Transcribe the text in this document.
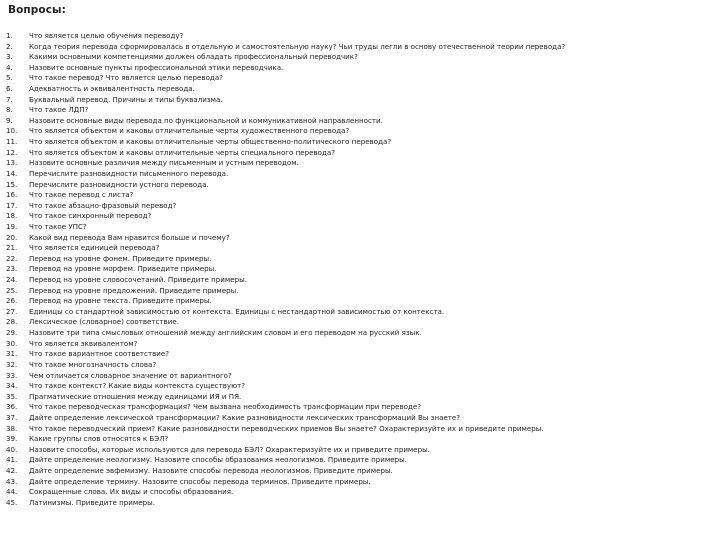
Вопросы:
1.	Что является целью обучения переводу?
2.	Когда теория перевода сформировалась в отдельную и самостоятельную науку? Чьи труды легли в основу отечественной теории перевода?
3.	Какими основными компетенциями должен обладать профессиональный переводчик?
4.	Назовите основные пункты профессиональной этики переводчика.
5.	Что такое перевод? Что является целью перевода?
6.	Адекватность и эквивалентность перевода.
7.	Буквальный перевод. Причины и типы буквализма.
8.	Что такое ЛДП?
9.	Назовите основные виды перевода по функциональной и коммуникативной направленности.
10.	Что является объектом и каковы отличительные черты художественного перевода?
11.	Что является объектом и каковы отличительные черты общественно-политического перевода?
12.	Что является объектом и каковы отличительные черты специального перевода?
13.	Назовите основные различия между письменным и устным переводом.
14.	Перечислите разновидности письменного перевода.
15.	Перечислите разновидности устного перевода.
16.	Что такое перевод с листа?
17.	Что такое абзацно-фразовый перевод?
18.	Что такое синхронный перевод?
19.	Что такое УПС?
20.	Какой вид перевода Вам нравится больше и почему?
21.	Что является единицей перевода?
22.	Перевод на уровне фонем. Приведите примеры.
23.	Перевод на уровне морфем. Приведите примеры.
24.	Перевод на уровне словосочетаний. Приведите примеры.
25.	Перевод на уровне предложений. Приведите примеры.
26.	Перевод на уровне текста. Приведите примеры.
27.	Единицы со стандартной зависимостью от контекста. Единицы с нестандартной зависимостью от контекста.
28.	Лексическое (словарное) соответствие.
29.	Назовите три типа смысловых отношений между английским словом и его переводом на русский язык.
30.	Что является эквивалентом?
31.	Что такое вариантное соответствие?
32.	Что такое многозначность слова?
33.	Чем отличается словарное значение от вариантного?
34.	Что такое контекст? Какие виды контекста существуют?
35.	Прагматические отношения между единицами ИЯ и ПЯ.
36.	Что такое переводческая трансформация? Чем вызвана необходимость трансформации при переводе?
37.	Дайте определение лексической трансформации? Какие разновидности лексических трансформаций Вы знаете?
38.	Что такое переводческий прием? Какие разновидности переводческих приемов Вы знаете? Охарактеризуйте их и приведите примеры.
39.	Какие группы слов относятся к БЭЛ?
40.	Назовите способы, которые используются для перевода БЭЛ? Охарактеризуйте их и приведите примеры.
41.	Дайте определение неологизму. Назовите способы образования неологизмов. Приведите примеры.
42.	Дайте определение эвфемизму. Назовите способы перевода неологизмов. Приведите примеры.
43.	Дайте определение термину. Назовите способы перевода терминов. Приведите примеры.
44.	Сокращенные слова. Их виды и способы образования.
45.	Латинизмы. Приведите примеры.
